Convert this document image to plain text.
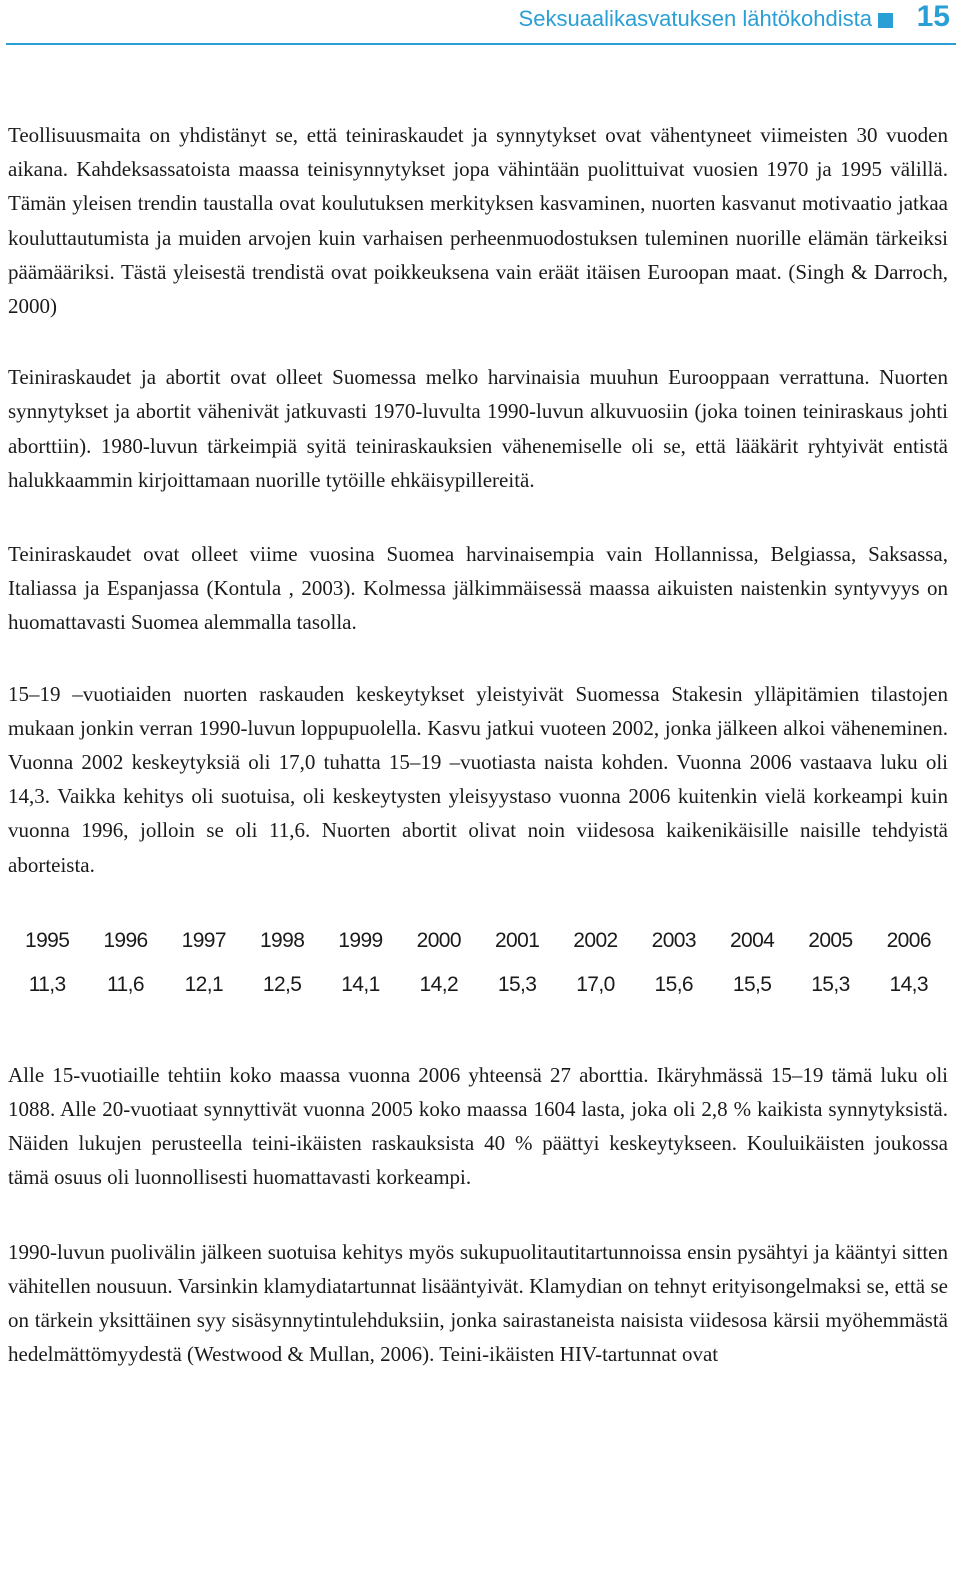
Seksuaalikasvatuksen lähtökohdista 15

Teollisuusmaita on yhdistänyt se, että teiniraskaudet ja synnytykset ovat vähentyneet viimeisten 30 vuoden aikana. Kahdeksassatoista maassa teinisynnytykset jopa vähintään puolittuivat vuosien 1970 ja 1995 välillä. Tämän yleisen trendin taustalla ovat koulutuksen merkityksen kasvaminen, nuorten kasvanut motivaatio jatkaa kouluttautumista ja muiden arvojen kuin varhaisen perheenmuodostuksen tuleminen nuorille elämän tärkeiksi päämääriksi. Tästä yleisestä trendistä ovat poikkeuksena vain eräät itäisen Euroopan maat. (Singh & Darroch, 2000)

Teiniraskaudet ja abortit ovat olleet Suomessa melko harvinaisia muuhun Eurooppaan verrattuna. Nuorten synnytykset ja abortit vähenivät jatkuvasti 1970-luvulta 1990-luvun alkuvuosiin (joka toinen teiniraskaus johti aborttiin). 1980-luvun tärkeimpiä syitä teiniraskauksien vähenemiselle oli se, että lääkärit ryhtyivät entistä halukkaammin kirjoittamaan nuorille tytöille ehkäisypillereitä.

Teiniraskaudet ovat olleet viime vuosina Suomea harvinaisempia vain Hollannissa, Belgiassa, Saksassa, Italiassa ja Espanjassa (Kontula , 2003). Kolmessa jälkimmäisessä maassa aikuisten naistenkin syntyvyys on huomattavasti Suomea alemmalla tasolla.

15–19 –vuotiaiden nuorten raskauden keskeytykset yleistyivät Suomessa Stakesin ylläpitämien tilastojen mukaan jonkin verran 1990-luvun loppupuolella. Kasvu jatkui vuoteen 2002, jonka jälkeen alkoi väheneminen. Vuonna 2002 keskeytyksiä oli 17,0 tuhatta 15–19 –vuotiasta naista kohden. Vuonna 2006 vastaava luku oli 14,3. Vaikka kehitys oli suotuisa, oli keskeytysten yleisyystaso vuonna 2006 kuitenkin vielä korkeampi kuin vuonna 1996, jolloin se oli 11,6. Nuorten abortit olivat noin viidesosa kaikenikäisille naisille tehdyistä aborteista.

1995	1996	1997	1998	1999	2000	2001	2002	2003	2004	2005	2006
11,3	11,6	12,1	12,5	14,1	14,2	15,3	17,0	15,6	15,5	15,3	14,3

Alle 15-vuotiaille tehtiin koko maassa vuonna 2006 yhteensä 27 aborttia. Ikäryhmässä 15–19 tämä luku oli 1088. Alle 20-vuotiaat synnyttivät vuonna 2005 koko maassa 1604 lasta, joka oli 2,8 % kaikista synnytyksistä. Näiden lukujen perusteella teini-ikäisten raskauksista 40 % päättyi keskeytykseen. Kouluikäisten joukossa tämä osuus oli luonnollisesti huomattavasti korkeampi.

1990-luvun puolivälin jälkeen suotuisa kehitys myös sukupuolitautitartunnoissa ensin pysähtyi ja kääntyi sitten vähitellen nousuun. Varsinkin klamydiatartunnat lisääntyivät. Klamydian on tehnyt erityisongelmaksi se, että se on tärkein yksittäinen syy sisäsynnytintulehduksiin, jonka sairastaneista naisista viidesosa kärsii myöhemmästä hedelmättömyydestä (Westwood & Mullan, 2006). Teini-ikäisten HIV-tartunnat ovat
